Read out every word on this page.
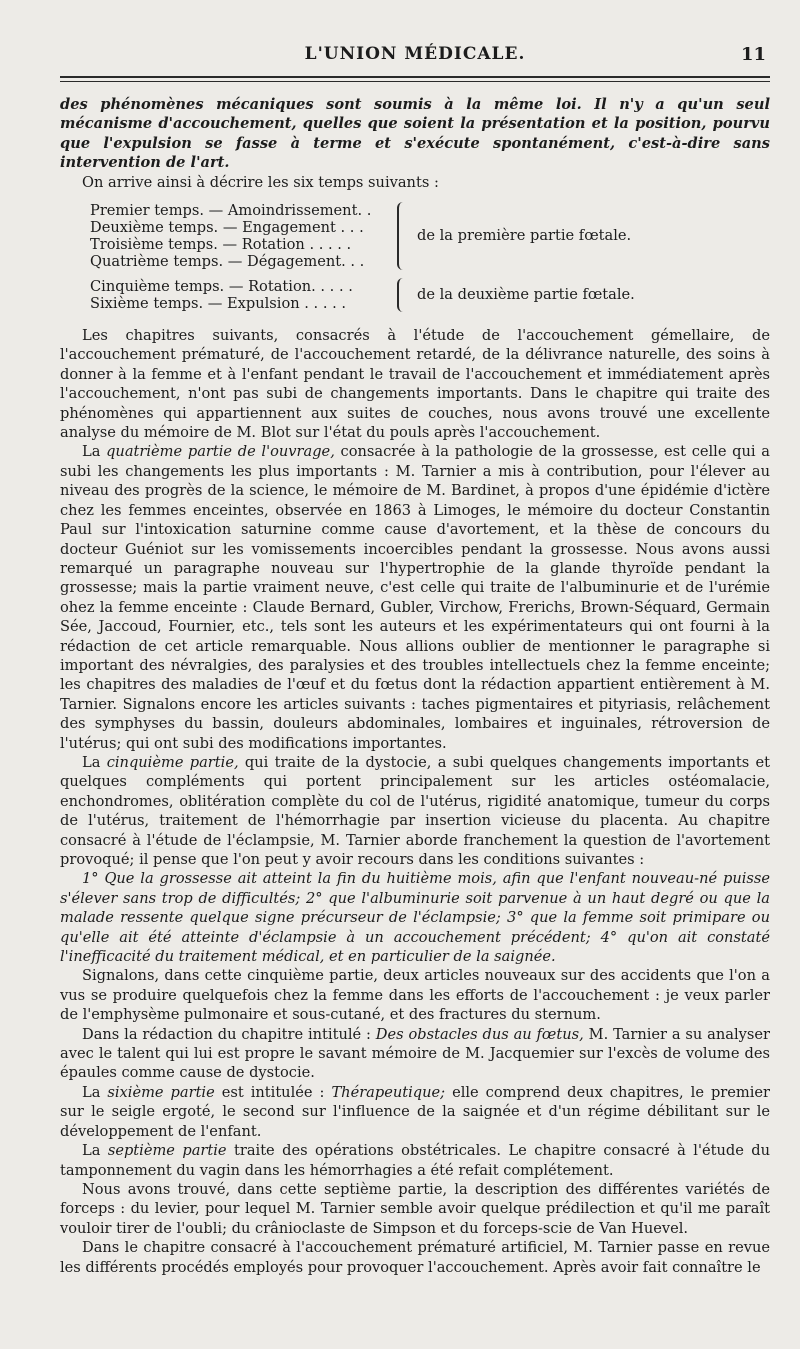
L'UNION MÉDICALE.	11

des phénomènes mécaniques sont soumis à la même loi. Il n'y a qu'un seul mécanisme d'accouchement, quelles que soient la présentation et la position, pourvu que l'expulsion se fasse à terme et s'exécute spontanément, c'est-à-dire sans intervention de l'art.

On arrive ainsi à décrire les six temps suivants :

Premier temps. — Amoindrissement. .
Deuxième temps. — Engagement . . .
Troisième temps. — Rotation . . . . .
Quatrième temps. — Dégagement. . .
de la première partie fœtale.
Cinquième temps. — Rotation. . . . .
Sixième temps. — Expulsion . . . . .
de la deuxième partie fœtale.

Les chapitres suivants, consacrés à l'étude de l'accouchement gémellaire, de l'accouchement prématuré, de l'accouchement retardé, de la délivrance naturelle, des soins à donner à la femme et à l'enfant pendant le travail de l'accouchement et immédiatement après l'accouchement, n'ont pas subi de changements importants. Dans le chapitre qui traite des phénomènes qui appartiennent aux suites de couches, nous avons trouvé une excellente analyse du mémoire de M. Blot sur l'état du pouls après l'accouchement.

La quatrième partie de l'ouvrage, consacrée à la pathologie de la grossesse, est celle qui a subi les changements les plus importants : M. Tarnier a mis à contribution, pour l'élever au niveau des progrès de la science, le mémoire de M. Bardinet, à propos d'une épidémie d'ictère chez les femmes enceintes, observée en 1863 à Limoges, le mémoire du docteur Constantin Paul sur l'intoxication saturnine comme cause d'avortement, et la thèse de concours du docteur Guéniot sur les vomissements incoercibles pendant la grossesse. Nous avons aussi remarqué un paragraphe nouveau sur l'hypertrophie de la glande thyroïde pendant la grossesse; mais la partie vraiment neuve, c'est celle qui traite de l'albuminurie et de l'urémie ohez la femme enceinte : Claude Bernard, Gubler, Virchow, Frerichs, Brown-Séquard, Germain Sée, Jaccoud, Fournier, etc., tels sont les auteurs et les expérimentateurs qui ont fourni à la rédaction de cet article remarquable. Nous allions oublier de mentionner le paragraphe si important des névralgies, des paralysies et des troubles intellectuels chez la femme enceinte; les chapitres des maladies de l'œuf et du fœtus dont la rédaction appartient entièrement à M. Tarnier. Signalons encore les articles suivants : taches pigmentaires et pityriasis, relâchement des symphyses du bassin, douleurs abdominales, lombaires et inguinales, rétroversion de l'utérus; qui ont subi des modifications importantes.

La cinquième partie, qui traite de la dystocie, a subi quelques changements importants et quelques compléments qui portent principalement sur les articles ostéomalacie, enchondromes, oblitération complète du col de l'utérus, rigidité anatomique, tumeur du corps de l'utérus, traitement de l'hémorrhagie par insertion vicieuse du placenta. Au chapitre consacré à l'étude de l'éclampsie, M. Tarnier aborde franchement la question de l'avortement provoqué; il pense que l'on peut y avoir recours dans les conditions suivantes :

1° Que la grossesse ait atteint la fin du huitième mois, afin que l'enfant nouveau-né puisse s'élever sans trop de difficultés; 2° que l'albuminurie soit parvenue à un haut degré ou que la malade ressente quelque signe précurseur de l'éclampsie; 3° que la femme soit primipare ou qu'elle ait été atteinte d'éclampsie à un accouchement précédent; 4° qu'on ait constaté l'inefficacité du traitement médical, et en particulier de la saignée.

Signalons, dans cette cinquième partie, deux articles nouveaux sur des accidents que l'on a vus se produire quelquefois chez la femme dans les efforts de l'accouchement : je veux parler de l'emphysème pulmonaire et sous-cutané, et des fractures du sternum.

Dans la rédaction du chapitre intitulé : Des obstacles dus au fœtus, M. Tarnier a su analyser avec le talent qui lui est propre le savant mémoire de M. Jacquemier sur l'excès de volume des épaules comme cause de dystocie.

La sixième partie est intitulée : Thérapeutique; elle comprend deux chapitres, le premier sur le seigle ergoté, le second sur l'influence de la saignée et d'un régime débilitant sur le développement de l'enfant.

La septième partie traite des opérations obstétricales. Le chapitre consacré à l'étude du tamponnement du vagin dans les hémorrhagies a été refait complétement.

Nous avons trouvé, dans cette septième partie, la description des différentes variétés de forceps : du levier, pour lequel M. Tarnier semble avoir quelque prédilection et qu'il me paraît vouloir tirer de l'oubli; du crânioclaste de Simpson et du forceps-scie de Van Huevel.

Dans le chapitre consacré à l'accouchement prématuré artificiel, M. Tarnier passe en revue les différents procédés employés pour provoquer l'accouchement. Après avoir fait connaître le
